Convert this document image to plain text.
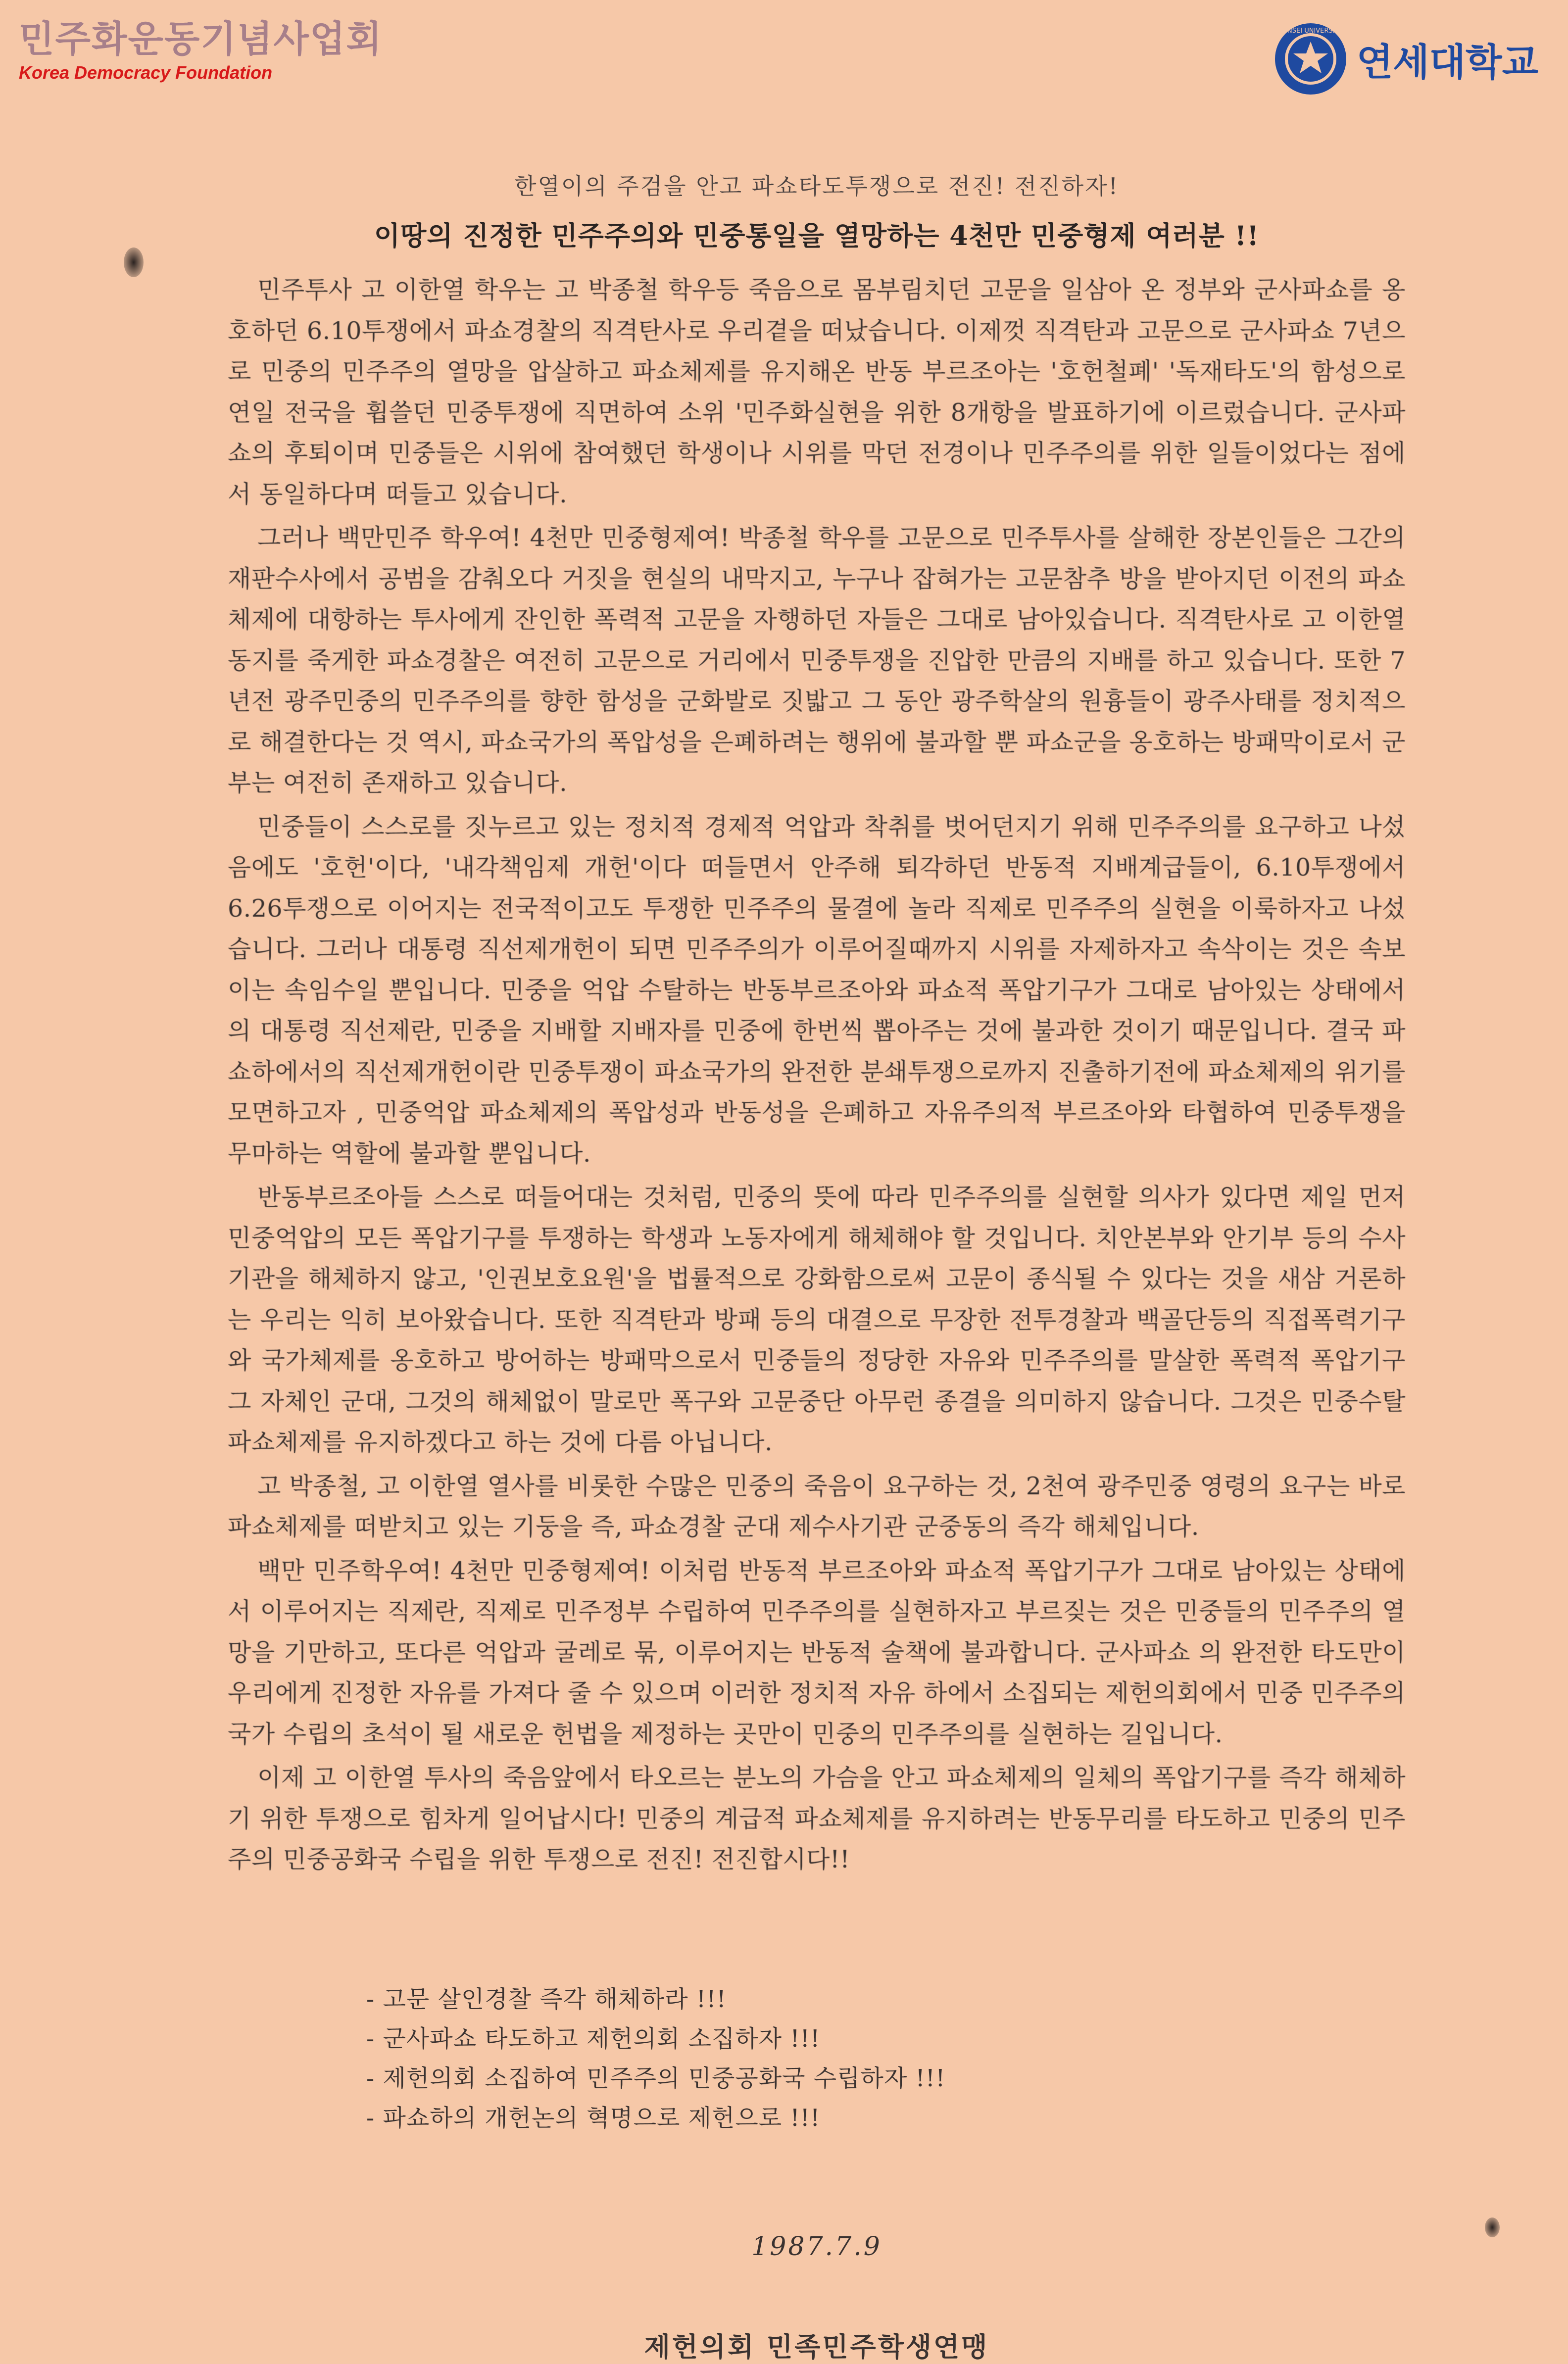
민주화운동기념사업회
Korea Democracy Foundation
YONSEI UNIVERSITY
연세대학교
한열이의 주검을 안고 파쇼타도투쟁으로 전진! 전진하자!
이땅의 진정한 민주주의와 민중통일을 열망하는 4천만 민중형제 여러분 !!

민주투사 고 이한열 학우는 고 박종철 학우등 죽음으로 몸부림치던 고문을 일삼아 온 정부와 군사파쇼를 옹호하던 6.10투쟁에서 파쇼경찰의 직격탄사로 우리곁을 떠났습니다. 이제껏 직격탄과 고문으로 군사파쇼 7년으로 민중의 민주주의 열망을 압살하고 파쇼체제를 유지해온 반동 부르조아는 '호헌철폐' '독재타도'의 함성으로 연일 전국을 휩쓸던 민중투쟁에 직면하여 소위 '민주화실현을 위한 8개항을 발표하기에 이르렀습니다. 군사파쇼의 후퇴이며 민중들은 시위에 참여했던 학생이나 시위를 막던 전경이나 민주주의를 위한 일들이었다는 점에서 동일하다며 떠들고 있습니다.

그러나 백만민주 학우여! 4천만 민중형제여! 박종철 학우를 고문으로 민주투사를 살해한 장본인들은 그간의 재판수사에서 공범을 감춰오다 거짓을 현실의 내막지고, 누구나 잡혀가는 고문참추 방을 받아지던 이전의 파쇼체제에 대항하는 투사에게 잔인한 폭력적 고문을 자행하던 자들은 그대로 남아있습니다. 직격탄사로 고 이한열 동지를 죽게한 파쇼경찰은 여전히 고문으로 거리에서 민중투쟁을 진압한 만큼의 지배를 하고 있습니다. 또한 7년전 광주민중의 민주주의를 향한 함성을 군화발로 짓밟고 그 동안 광주학살의 원흉들이 광주사태를 정치적으로 해결한다는 것 역시, 파쇼국가의 폭압성을 은폐하려는 행위에 불과할 뿐 파쇼군을 옹호하는 방패막이로서 군부는 여전히 존재하고 있습니다.

민중들이 스스로를 짓누르고 있는 정치적 경제적 억압과 착취를 벗어던지기 위해 민주주의를 요구하고 나섰음에도 '호헌'이다, '내각책임제 개헌'이다 떠들면서 안주해 퇴각하던 반동적 지배계급들이, 6.10투쟁에서 6.26투쟁으로 이어지는 전국적이고도 투쟁한 민주주의 물결에 놀라 직제로 민주주의 실현을 이룩하자고 나섰습니다. 그러나 대통령 직선제개헌이 되면 민주주의가 이루어질때까지 시위를 자제하자고 속삭이는 것은 속보이는 속임수일 뿐입니다. 민중을 억압 수탈하는 반동부르조아와 파쇼적 폭압기구가 그대로 남아있는 상태에서의 대통령 직선제란, 민중을 지배할 지배자를 민중에 한번씩 뽑아주는 것에 불과한 것이기 때문입니다. 결국 파쇼하에서의 직선제개헌이란 민중투쟁이 파쇼국가의 완전한 분쇄투쟁으로까지 진출하기전에 파쇼체제의 위기를 모면하고자 , 민중억압 파쇼체제의 폭압성과 반동성을 은폐하고 자유주의적 부르조아와 타협하여 민중투쟁을 무마하는 역할에 불과할 뿐입니다.

반동부르조아들 스스로 떠들어대는 것처럼, 민중의 뜻에 따라 민주주의를 실현할 의사가 있다면 제일 먼저 민중억압의 모든 폭압기구를 투쟁하는 학생과 노동자에게 해체해야 할 것입니다. 치안본부와 안기부 등의 수사기관을 해체하지 않고, '인권보호요원'을 법률적으로 강화함으로써 고문이 종식될 수 있다는 것을 새삼 거론하는 우리는 익히 보아왔습니다. 또한 직격탄과 방패 등의 대결으로 무장한 전투경찰과 백골단등의 직접폭력기구 와 국가체제를 옹호하고 방어하는 방패막으로서 민중들의 정당한 자유와 민주주의를 말살한 폭력적 폭압기구 그 자체인 군대, 그것의 해체없이 말로만 폭구와 고문중단 아무런 종결을 의미하지 않습니다. 그것은 민중수탈 파쇼체제를 유지하겠다고 하는 것에 다름 아닙니다.

고 박종철, 고 이한열 열사를 비롯한 수많은 민중의 죽음이 요구하는 것, 2천여 광주민중 영령의 요구는 바로 파쇼체제를 떠받치고 있는 기둥을 즉, 파쇼경찰 군대 제수사기관 군중동의 즉각 해체입니다.

백만 민주학우여! 4천만 민중형제여! 이처럼 반동적 부르조아와 파쇼적 폭압기구가 그대로 남아있는 상태에서 이루어지는 직제란, 직제로 민주정부 수립하여 민주주의를 실현하자고 부르짖는 것은 민중들의 민주주의 열망을 기만하고, 또다른 억압과 굴레로 묶, 이루어지는 반동적 술책에 불과합니다. 군사파쇼 의 완전한 타도만이 우리에게 진정한 자유를 가져다 줄 수 있으며 이러한 정치적 자유 하에서 소집되는 제헌의회에서 민중 민주주의국가 수립의 초석이 될 새로운 헌법을 제정하는 곳만이 민중의 민주주의를 실현하는 길입니다.

이제 고 이한열 투사의 죽음앞에서 타오르는 분노의 가슴을 안고 파쇼체제의 일체의 폭압기구를 즉각 해체하기 위한 투쟁으로 힘차게 일어납시다! 민중의 계급적 파쇼체제를 유지하려는 반동무리를 타도하고 민중의 민주주의 민중공화국 수립을 위한 투쟁으로 전진! 전진합시다!!

- 고문 살인경찰 즉각 해체하라 !!!
- 군사파쇼 타도하고 제헌의회 소집하자 !!!
- 제헌의회 소집하여 민주주의 민중공화국 수립하자 !!!
- 파쇼하의 개헌논의 혁명으로 제헌으로 !!!
1987.7.9
제헌의회 민족민주학생연맹
